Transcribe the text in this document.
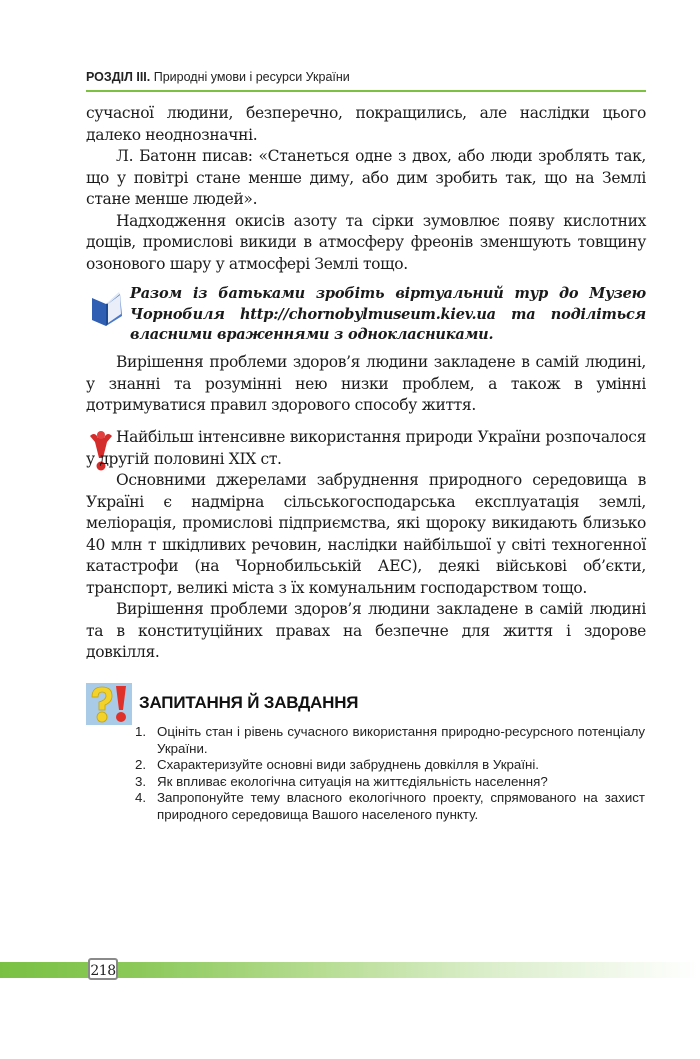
РОЗДІЛ ІІІ. Природні умови і ресурси України

сучасної людини, безперечно, покращились, але наслідки цього далеко неоднозначні.

Л. Батонн писав: «Станеться одне з двох, або люди зроблять так, що у повітрі стане менше диму, або дим зробить так, що на Землі стане менше людей».

Надходження окисів азоту та сірки зумовлює появу кислотних дощів, промислові викиди в атмосферу фреонів зменшують товщину озонового шару у атмосфері Землі тощо.

Разом із батьками зробіть віртуальний тур до Музею Чорнобиля http://chornobylmuseum.kiev.ua та поділіться власними враженнями з однокласниками.

Вирішення проблеми здоров’я людини закладене в самій людині, у знанні та розумінні нею низки проблем, а також в умінні дотримуватися правил здорового способу життя.

Найбільш інтенсивне використання природи України розпочалося у другій половині XIX ст.

Основними джерелами забруднення природного середовища в Україні є надмірна сільськогосподарська експлуатація землі, меліорація, промислові підприємства, які щороку викидають близько 40 млн т шкідливих речовин, наслідки найбільшої у світі техногенної катастрофи (на Чорнобильській АЕС), деякі військові об’єкти, транспорт, великі міста з їх комунальним господарством тощо.

Вирішення проблеми здоров’я людини закладене в самій людині та в конституційних правах на безпечне для життя і здорове довкілля.

ЗАПИТАННЯ Й ЗАВДАННЯ
1. Оцініть стан і рівень сучасного використання природно-ресурсного потенціалу України.
2. Схарактеризуйте основні види забруднень довкілля в Україні.
3. Як впливає екологічна ситуація на життєдіяльність населення?
4. Запропонуйте тему власного екологічного проекту, спрямованого на захист природного середовища Вашого населеного пункту.
218
